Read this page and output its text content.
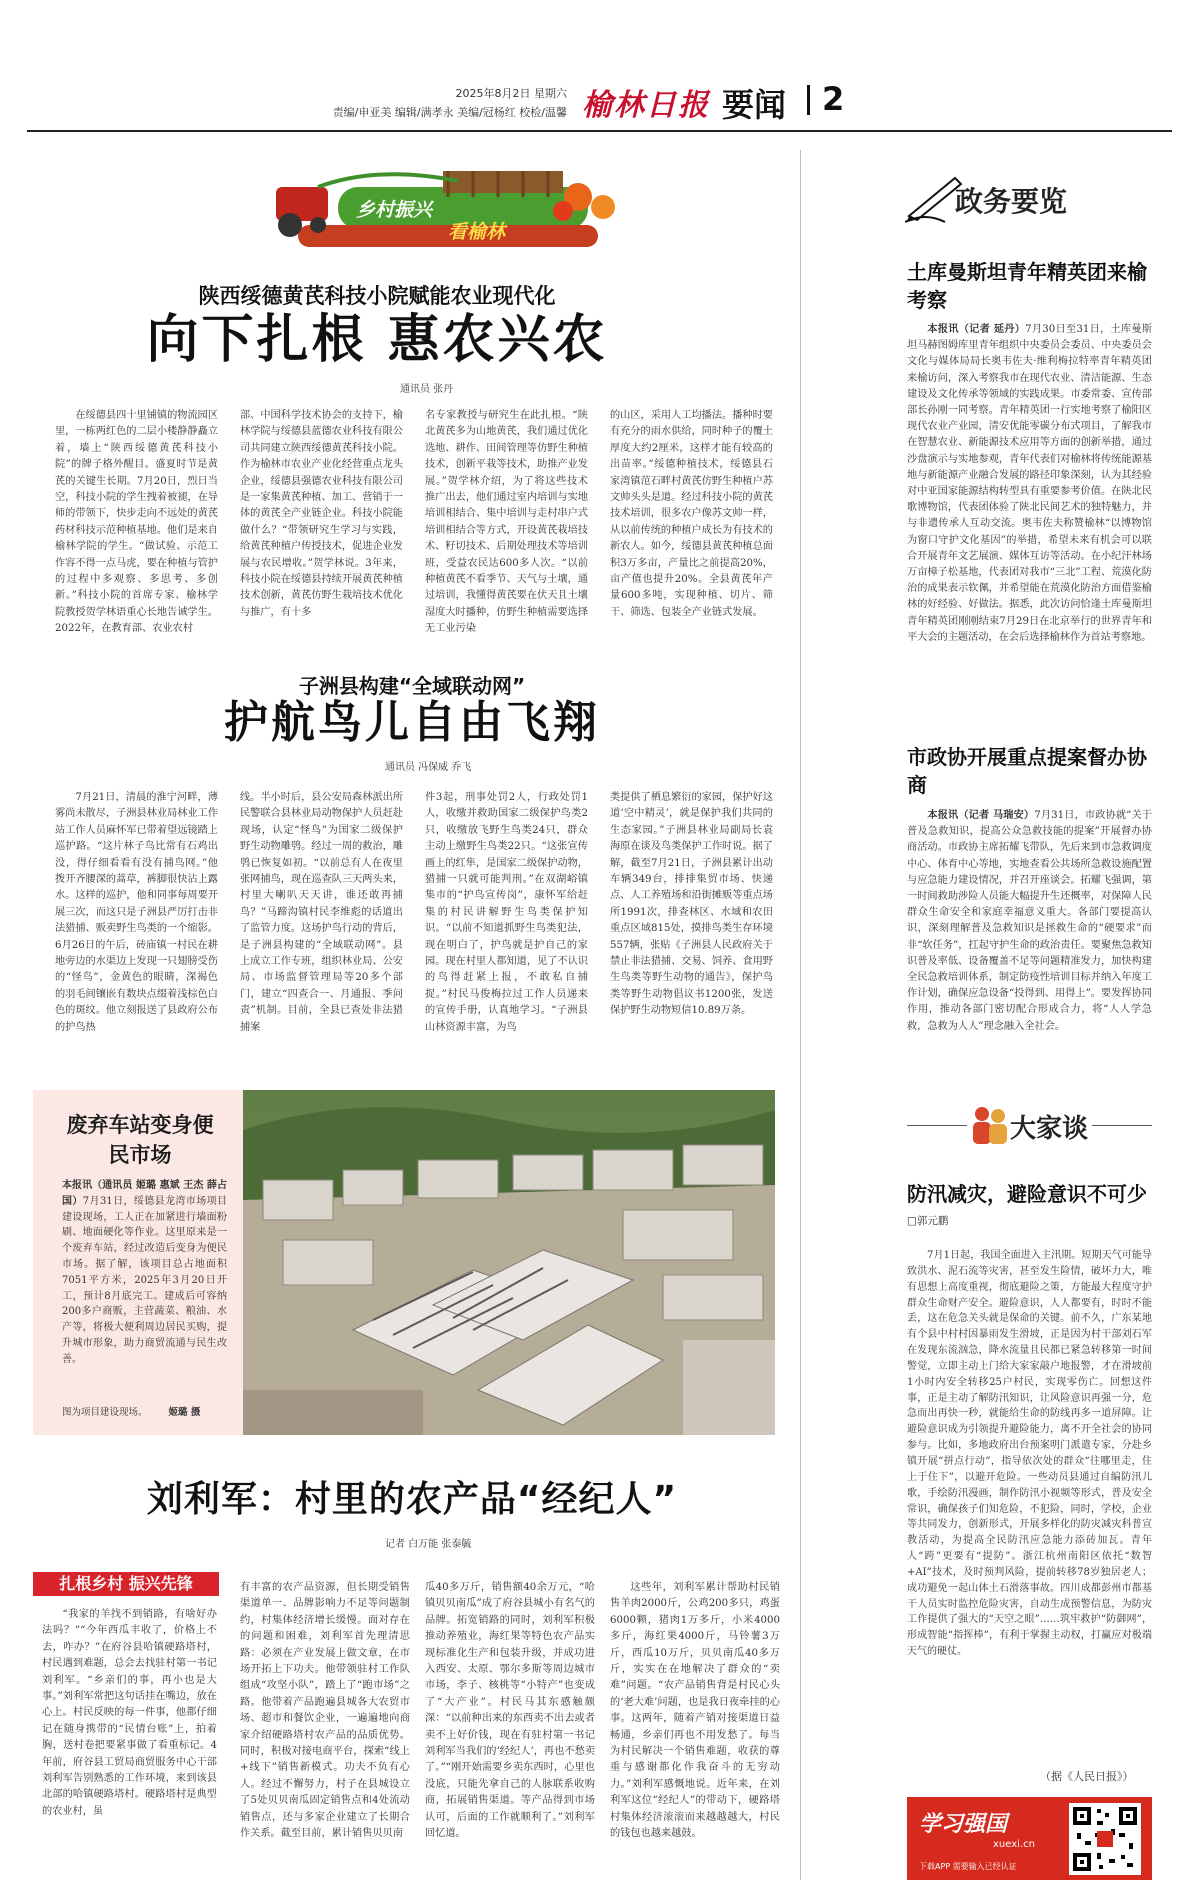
2025年8月2日 星期六
责编/申亚美 编辑/满孝永 美编/冠杨红 校检/温馨 榆林日报 要闻 2
乡村振兴
看榆林
陕西绥德黄芪科技小院赋能农业现代化
向下扎根 惠农兴农
通讯员 张丹
在绥德县四十里铺镇的物流园区里，一栋两红色的二层小楼静静矗立着，墙上“陕西绥德黄芪科技小院”的牌子格外醒目。盛夏时节是黄芪的关键生长期。7月20日，烈日当空，科技小院的学生拽着被褪，在导师的带领下，快步走向不远处的黄芪药材科技示范种植基地。他们是来自榆林学院的学生。“做试验、示范工作容不得一点马虎，要在种植与管护的过程中多观察、多思考、多创新。”科技小院的首席专家、榆林学院教授贺学林语重心长地告诫学生。2022年，在教育部、农业农村
部、中国科学技术协会的支持下，榆林学院与绥德县蓝德农业科技有限公司共同建立陕西绥德黄芪科技小院。作为榆林市农业产业化经营重点龙头企业，绥德县强德农业科技有限公司是一家集黄芪种植、加工、营销于一体的黄芪全产业链企业。科技小院能做什么？“带领研究生学习与实践，给黄芪种植户传授技术，促进企业发展与农民增收。”贺学林说。3年来，科技小院在绥德县持续开展黄芪种植技术创新，黄芪仿野生栽培技术优化与推广，有十多
名专家教授与研究生在此扎根。“陕北黄芪多为山地黄芪，我们通过优化选地、耕作、田间管理等仿野生种植技术，创新平栽等技术，助推产业发展。”贺学林介绍，为了将这些技术推广出去，他们通过室内培训与实地培训相结合、集中培训与走村串户式培训相结合等方式，开设黄芪栽培技术、籽切技术、后期处理技术等培训班，受益农民达600多人次。“以前种植黄芪不看季节、天气与土壤，通过培训，我懂得黄芪要在伏天且土壤湿度大时播种，仿野生种植需要选择无工业污染
的山区，采用人工均播法。播种时要有充分的雨水供给，同时种子的覆土厚度大约2厘米，这样才能有较高的出苗率。”绥德种植技术，绥德县石家湾镇范石畔村黄芪仿野生种植户苏文帅头头是道。经过科技小院的黄芪技术培训，很多农户像苏文帅一样，从以前传统的种植户成长为有技术的新农人。如今，绥德县黄芪种植总面积3万多亩，产量比之前提高20%，亩产值也提升20%。全县黄芪年产量600多吨，实现种植、切片、筛干、筛选、包装全产业链式发展。
子洲县构建“全域联动网”
护航鸟儿自由飞翔
通讯员 冯保威 乔飞
7月21日，清晨的淮宁河畔，薄雾尚未散尽，子洲县林业局林业工作站工作人员麻怀军已带着望远镜踏上巡护路。“这片林子鸟比常有石鸡出没，得仔细看看有没有捕鸟网。”他拨开齐腰深的蒿草，裤脚很快沾上露水。这样的巡护，他和同事每周要开展三次，而这只是子洲县严厉打击非法猎捕、贩卖野生鸟类的一个缩影。6月26日的午后，砖庙镇一村民在耕地旁边的水渠边上发现一只翅膀受伤的“怪鸟”，金黄色的眼睛，深褐色的羽毛间镶嵌有数块点缀着浅棕色白色的斑纹。他立刻报送了县政府公布的护鸟热
线。半小时后，县公安局森林派出所民警联合县林业局动物保护人员赶赴现场，认定“怪鸟”为国家二级保护野生动物雕鸮。经过一周的救治，雕鸮已恢复如初。“以前总有人在夜里张网捕鸟，现在巡查队三天两头来，村里大喇叭天天讲，谁还敢再捕鸟？”马蹄沟镇村民李维彪的话道出了监管力度。这场护鸟行动的背后，是子洲县构建的“全域联动网”。县上成立工作专班，组织林业局、公安局、市场监督管理局等20多个部门，建立“四查合一、月通报、季问责”机制。目前，全县已查处非法猎捕案
件3起，刑事处罚2人，行政处罚1人，收缴并救助国家二级保护鸟类2只，收缴放飞野生鸟类24只，群众主动上缴野生鸟类22只。“这张宣传画上的红隼，是国家二级保护动物，猎捕一只就可能判刑。”在双湖峪镇集市的“护鸟宣传岗”，康怀军给赶集的村民讲解野生鸟类保护知识。“以前不知道抓野生鸟类犯法，现在明白了，护鸟就是护自己的家园。现在村里人都知道，见了不认识的鸟得赶紧上报，不敢私自捕捉。”村民马俊梅拉过工作人员递来的宣传手册，认真地学习。“子洲县山林资源丰富，为鸟
类提供了栖息繁衍的家园，保护好这道‘空中精灵’，就是保护我们共同的生态家园。”子洲县林业局副局长袁海原在谈及鸟类保护工作时说。据了解，截至7月21日，子洲县累计出动车辆349台，排排集贸市场、快递点、人工养殖场和沿街摊贩等重点场所1991次，排查林区、水域和农田重点区域815处，摸排鸟类生存环境557辆，张贴《子洲县人民政府关于禁止非法猎捕、交易、饲养、食用野生鸟类等野生动物的通告》，保护鸟类等野生动物倡议书1200张，发送保护野生动物短信10.89万条。
废弃车站变身便民市场
本报讯（通讯员 姬璐 惠斌 王杰 薛占国）7月31日，绥德县龙湾市场项目建设现场，工人正在加紧进行墙面粉刷、地面硬化等作业。这里原来是一个废弃车站，经过改造后变身为便民市场。据了解，该项目总占地面积7051平方米，2025年3月20日开工，预计8月底完工。建成后可容纳200多户商贩，主营蔬菜、粮油、水产等，将极大便利周边居民买购，提升城市形象，助力商贸流通与民生改善。
图为项目建设现场。 姬璐 摄
刘利军：村里的农产品“经纪人”
记者 白万能 张泰毓
扎根乡村 振兴先锋
“我家的羊找不到销路，有啥好办法吗？”“今年西瓜丰收了，价格上不去，咋办？”在府谷县哈镇硬路塔村，村民遇到难题，总会去找驻村第一书记刘利军。“乡亲们的事，再小也是大事。”刘利军常把这句话挂在嘴边，放在心上。村民反映的每一件事，他都仔细记在随身携带的“民情台账”上，拍着胸，送村卷把要紧事做了看重标记。4年前，府谷县工贸局商贸服务中心干部刘利军告别熟悉的工作环境，来到该县北部的哈镇硬路塔村。硬路塔村是典型的农业村，虽
有丰富的农产品资源，但长期受销售渠道单一、品牌影响力不足等问题制约，村集体经济增长缓慢。面对存在的问题和困难，刘利军首先理清思路：必须在产业发展上做文章，在市场开拓上下功夫。他带领驻村工作队组成“攻坚小队”，踏上了“跑市场”之路。他带着产品跑遍县城各大农贸市场、超市和餐饮企业，一遍遍地向商家介绍硬路塔村农产品的品质优势。同时，积极对接电商平台，探索“线上+线下”销售新模式。功夫不负有心人。经过不懈努力，村子在县城设立了5处贝贝南瓜固定销售点和4处流动销售点，还与多家企业建立了长期合作关系。截至目前，累计销售贝贝南
瓜40多万斤，销售额40余万元，“哈镇贝贝南瓜”成了府谷县城小有名气的品牌。拓宽销路的同时，刘利军积极推动养殖业，海红果等特色农产品实现标准化生产和包装升级，并成功进入西安、太原、鄂尔多斯等周边城市市场，李子、核桃等“小特产”也变成了“大产业”。村民马其东感触颇深：“以前种出来的东西卖不出去或者卖不上好价钱，现在有驻村第一书记刘利军当我们的‘经纪人’，再也不愁卖了。”“刚开始需要乡卖东西时，心里也没底，只能先拿自己的人脉联系收购商，拓展销售渠道。等产品得到市场认可，后面的工作就顺利了。”刘利军回忆道。
这些年，刘利军累计帮助村民销售羊肉2000斤，公鸡200多只，鸡蛋6000颗，猪肉1万多斤，小米4000多斤，海红果4000斤，马铃薯3万斤，西瓜10万斤，贝贝南瓜40多万斤，实实在在地解决了群众的“卖难”问题。“农产品销售背是村民心头的‘老大难’问题，也是我日夜牵挂的心事。这两年，随着产销对接渠道日益畅通，乡亲们再也不用发愁了。每当为村民解决一个销售难题，收获的尊重与感谢都化作我奋斗的无穷动力。”刘利军感慨地说。近年来，在刘利军这位“经纪人”的带动下，硬路塔村集体经济滚滚而来越越越大，村民的钱包也越来越鼓。
政务要览
土库曼斯坦青年精英团来榆考察
本报讯（记者 延丹）7月30日至31日，土库曼斯坦马赫图姆库里青年组织中央委员会委员、中央委员会文化与媒体局局长奥韦佐夫·维利梅拉特率青年精英团来榆访问，深入考察我市在现代农业、清洁能源、生态建设及文化传承等领域的实践成果。市委常委、宣传部部长孙刚一同考察。青年精英团一行实地考察了榆阳区现代农业产业园，清安优能零碳分布式项目，了解我市在智慧农业、新能源技术应用等方面的创新举措，通过沙盘演示与实地参观，青年代表们对榆林将传统能源基地与新能源产业融合发展的路径印象深刻，认为其经验对中亚国家能源结构转型具有重要参考价值。在陕北民歌博物馆，代表团体验了陕北民间艺术的独特魅力，并与非遗传承人互动交流。奥韦佐夫称赞榆林“以博物馆为窗口守护文化基因”的举措，希望未来有机会可以联合开展青年文艺展演、媒体互访等活动。在小纪汗林场万亩樟子松基地，代表团对我市“三北”工程、荒漠化防治的成果表示钦佩，并希望能在荒漠化防治方面借鉴榆林的好经验、好做法。据悉，此次访问恰逢土库曼斯坦青年精英团刚刚结束7月29日在北京举行的世界青年和平大会的主题活动，在会后选择榆林作为首站考察地。
市政协开展重点提案督办协商
本报讯（记者 马瑞安）7月31日，市政协就“关于普及急救知识，提高公众急救技能的提案”开展督办协商活动。市政协主席拓耀飞带队，先后来到市急救调度中心、体育中心等地，实地查看公共场所急救设施配置与应急能力建设情况，并召开座谈会。拓耀飞强调，第一时间救助涉险人员能大幅提升生还概率，对保障人民群众生命安全和家庭幸福意义重大。各部门要提高认识，深刻理解普及急救知识是拯救生命的“硬要求”而非“软任务”，扛起守护生命的政治责任。要聚焦急救知识普及率低、设备覆盖不足等问题精准发力，加快构建全民急救培训体系，制定防疫性培训目标并纳入年度工作计划，确保应急设备“投得到、用得上”。要发挥协同作用，推动各部门密切配合形成合力，将“人人学急救，急救为人人”理念融入全社会。
大家谈
防汛减灾，避险意识不可少
□郭元鹏
7月1日起，我国全面进入主汛期。短期天气可能导致洪水、泥石流等灾害，甚至发生险情，破坏力大，唯有思想上高度重视，彻底避险之策，方能最大程度守护群众生命财产安全。避险意识，人人都要有，时时不能丢，这在危急关头就是保命的关键。前不久，广东某地有个县中村村因暴雨发生滑坡，正是因为村干部刘石军在发现东流汹急，降水流量且民都已紧急转移第一时间警觉，立即主动上门给大家家敲户地报警，才在滑坡前1小时内安全转移25户村民，实现零伤亡。回想这件事，正是主动了解防汛知识，让风险意识再强一分，危急而出再快一秒，就能给生命的防线再多一道屏障。让避险意识成为引领提升避险能力，离不开全社会的协同参与。比如，多地政府出台预案明门派遣专家，分赴乡镇开展“拼点行动”，指导依次处的群众“往哪里走，住上于住下”，以避开危险。一些动员县通过自编防汛儿歌，手绘防汛漫画，制作防汛小视频等形式，普及安全常识，确保孩子们知危险，不犯险，同时，学校，企业等共同发力，创新形式，开展多样化的防灾减灾科普宣教活动，为提高全民防汛应急能力添砖加瓦。青年人“跨”更要有“提防”。浙江杭州南阳区依托“数智+AI”技术，及时预判风险，提前转移78岁独居老人；成功避免一起山体土石滑落事故。四川成都彭州市都基干人员实时监控危险灾害，自动生成预警信息，为防灾工作提供了强大的“天空之眼”……筑牢救护“防御网”，形成智能“指挥棒”，有利于掌握主动权，打赢应对极端天气的硬仗。
（据《人民日报》）
学习强国
xuexi.cn
下载APP 需要输入已经认证
